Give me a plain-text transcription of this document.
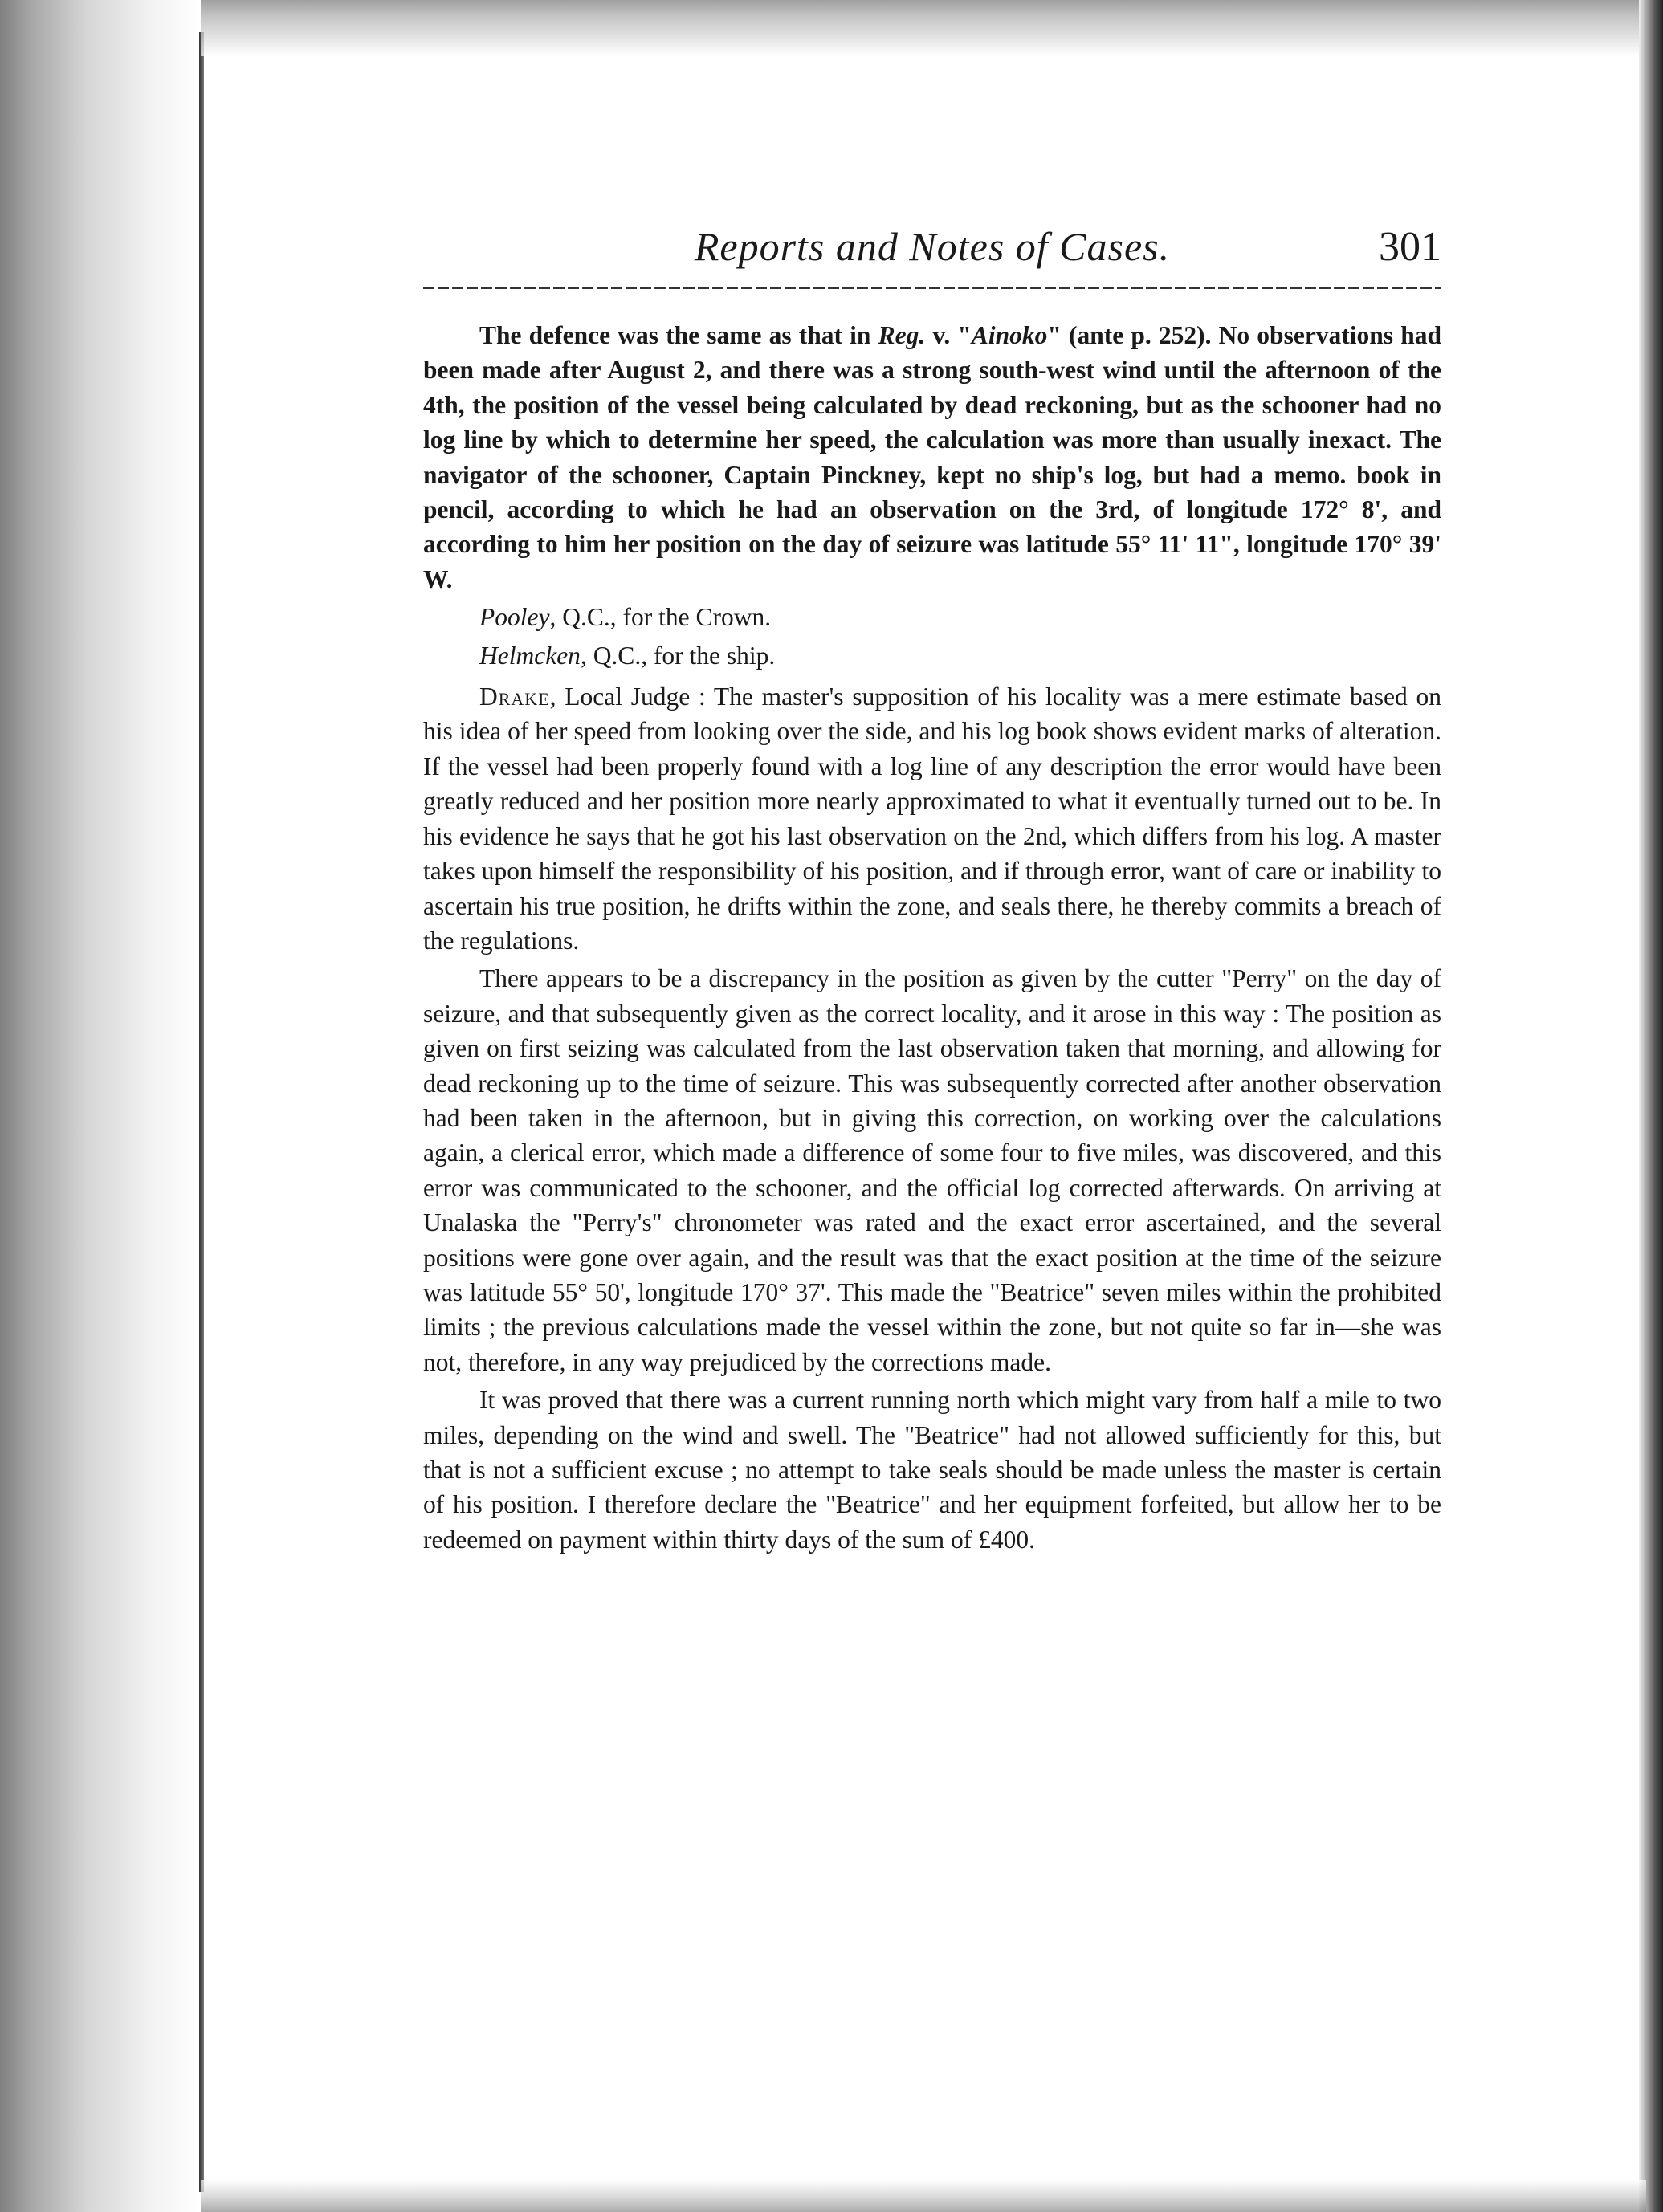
Reports and Notes of Cases.	301

The defence was the same as that in Reg. v. "Ainoko" (ante p. 252). No observations had been made after August 2, and there was a strong south-west wind until the afternoon of the 4th, the position of the vessel being calculated by dead reckoning, but as the schooner had no log line by which to determine her speed, the calculation was more than usually inexact. The navigator of the schooner, Captain Pinckney, kept no ship's log, but had a memo. book in pencil, according to which he had an observation on the 3rd, of longitude 172° 8', and according to him her position on the day of seizure was latitude 55° 11' 11", longitude 170° 39' W.

Pooley, Q.C., for the Crown.

Helmcken, Q.C., for the ship.

Drake, Local Judge : The master's supposition of his locality was a mere estimate based on his idea of her speed from looking over the side, and his log book shows evident marks of alteration. If the vessel had been properly found with a log line of any description the error would have been greatly reduced and her position more nearly approximated to what it eventually turned out to be. In his evidence he says that he got his last observation on the 2nd, which differs from his log. A master takes upon himself the responsibility of his position, and if through error, want of care or inability to ascertain his true position, he drifts within the zone, and seals there, he thereby commits a breach of the regulations.

There appears to be a discrepancy in the position as given by the cutter "Perry" on the day of seizure, and that subsequently given as the correct locality, and it arose in this way : The position as given on first seizing was calculated from the last observation taken that morning, and allowing for dead reckoning up to the time of seizure. This was subsequently corrected after another observation had been taken in the afternoon, but in giving this correction, on working over the calculations again, a clerical error, which made a difference of some four to five miles, was discovered, and this error was communicated to the schooner, and the official log corrected afterwards. On arriving at Unalaska the "Perry's" chronometer was rated and the exact error ascertained, and the several positions were gone over again, and the result was that the exact position at the time of the seizure was latitude 55° 50', longitude 170° 37'. This made the "Beatrice" seven miles within the prohibited limits ; the previous calculations made the vessel within the zone, but not quite so far in—she was not, therefore, in any way prejudiced by the corrections made.

It was proved that there was a current running north which might vary from half a mile to two miles, depending on the wind and swell. The "Beatrice" had not allowed sufficiently for this, but that is not a sufficient excuse ; no attempt to take seals should be made unless the master is certain of his position. I therefore declare the "Beatrice" and her equipment forfeited, but allow her to be redeemed on payment within thirty days of the sum of £400.
